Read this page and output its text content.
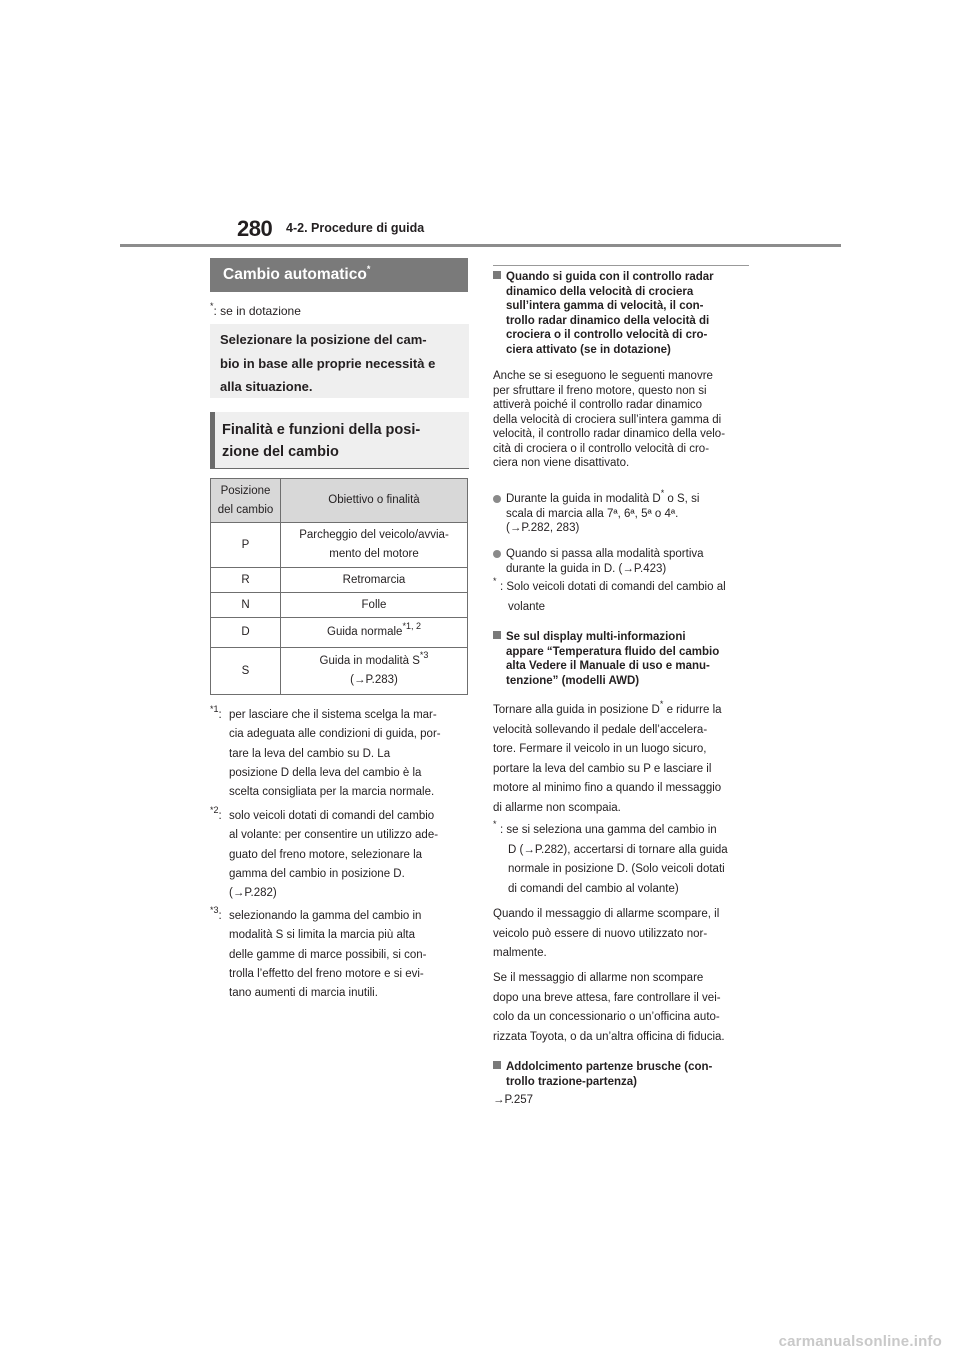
280 4-2. Procedure di guida
Cambio automatico*
*: se in dotazione
Selezionare la posizione del cam-
bio in base alle proprie necessità e
alla situazione.
Finalità e funzioni della posi-
zione del cambio
Posizione
del cambio	Obiettivo o finalità

P	Parcheggio del veicolo/avvia-
mento del motore

R	Retromarcia
N	Folle
D	Guida normale$^{*1, 2}$
S	Guida in modalità $S^{*3}$
(→P.283)
$^{*1}$: per lasciare che il sistema scelga la mar-
cia adeguata alle condizioni di guida, por-
tare la leva del cambio su D. La
posizione D della leva del cambio è la
scelta consigliata per la marcia normale.
$^{*2}$: solo veicoli dotati di comandi del cambio
al volante: per consentire un utilizzo ade-
guato del freno motore, selezionare la
gamma del cambio in posizione D.
(→P.282)
$^{*3}$: selezionando la gamma del cambio in
modalità S si limita la marcia più alta
delle gamme di marce possibili, si con-
trolla l’effetto del freno motore e si evi-
tano aumenti di marcia inutili.
Quando si guida con il controllo radar
dinamico della velocità di crociera
sull’intera gamma di velocità, il con-
trollo radar dinamico della velocità di
crociera o il controllo velocità di cro-
ciera attivato (se in dotazione)
Anche se si eseguono le seguenti manovre
per sfruttare il freno motore, questo non si
attiverà poiché il controllo radar dinamico
della velocità di crociera sull’intera gamma di
velocità, il controllo radar dinamico della velo-
cità di crociera o il controllo velocità di cro-
ciera non viene disattivato.
Durante la guida in modalità D* o S, si
scala di marcia alla 7ª, 6ª, 5ª o 4ª.
(→P.282, 283)
Quando si passa alla modalità sportiva
durante la guida in D. (→P.423)
* : Solo veicoli dotati di comandi del cambio al
volante
Se sul display multi-informazioni
appare “Temperatura fluido del cambio
alta Vedere il Manuale di uso e manu-
tenzione” (modelli AWD)
Tornare alla guida in posizione D* e ridurre la
velocità sollevando il pedale dell’accelera-
tore. Fermare il veicolo in un luogo sicuro,
portare la leva del cambio su P e lasciare il
motore al minimo fino a quando il messaggio
di allarme non scompaia.
* : se si seleziona una gamma del cambio in
D (→P.282), accertarsi di tornare alla guida
normale in posizione D. (Solo veicoli dotati
di comandi del cambio al volante)
Quando il messaggio di allarme scompare, il
veicolo può essere di nuovo utilizzato nor-
malmente.
Se il messaggio di allarme non scompare
dopo una breve attesa, fare controllare il vei-
colo da un concessionario o un’officina auto-
rizzata Toyota, o da un’altra officina di fiducia.
Addolcimento partenze brusche (con-
trollo trazione-partenza)
→P.257
carmanualsonline.info
